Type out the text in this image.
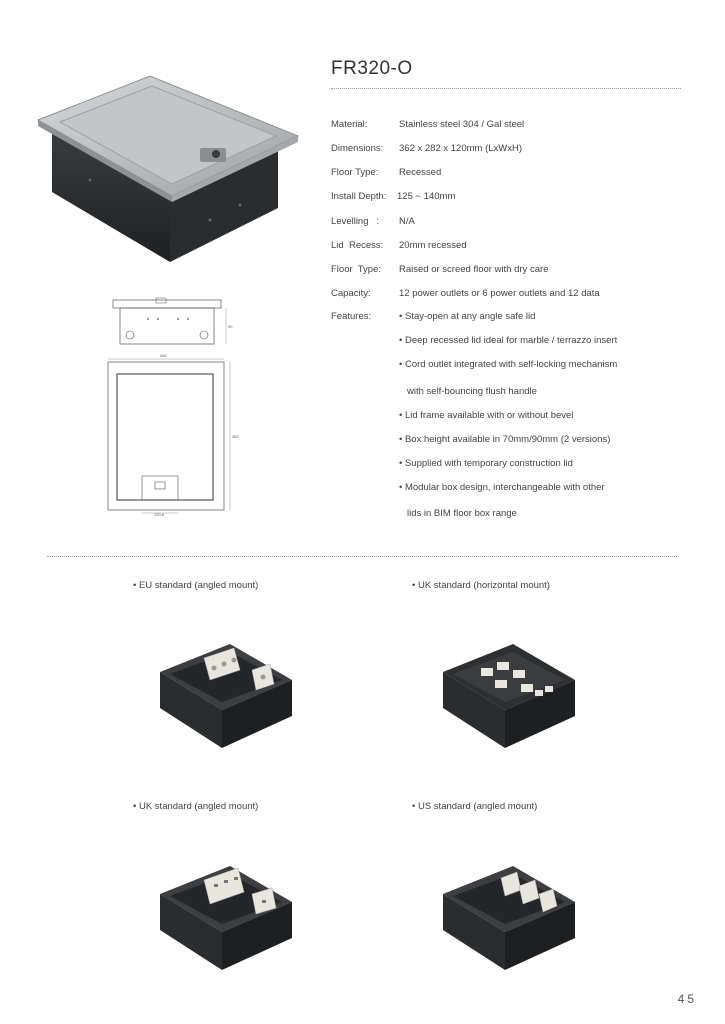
90
282
362
120.5
FR320-O
Material:	Stainless steel 304 / Gal steel
Dimensions: 362 x 282 x 120mm (LxWxH)
Floor Type: Recessed
Install Depth: 125 ~ 140mm
Levelling   : N/A
Lid  Recess: 20mm recessed
Floor  Type: Raised or screed floor with dry care
Capacity:	12 power outlets or 6 power outlets and 12 data
Features:	• Stay-open at any angle safe lid
• Deep recessed lid ideal for marble / terrazzo insert
• Cord outlet integrated with self-locking mechanism
with self-bouncing flush handle
• Lid frame available with or without bevel
• Box height available in 70mm/90mm (2 versions)
• Supplied with temporary construction lid
• Modular box design, interchangeable with other
lids in BIM floor box range
• EU standard (angled mount)	• UK standard (horizontal mount)
• UK standard (angled mount)	• US standard (angled mount)
45
